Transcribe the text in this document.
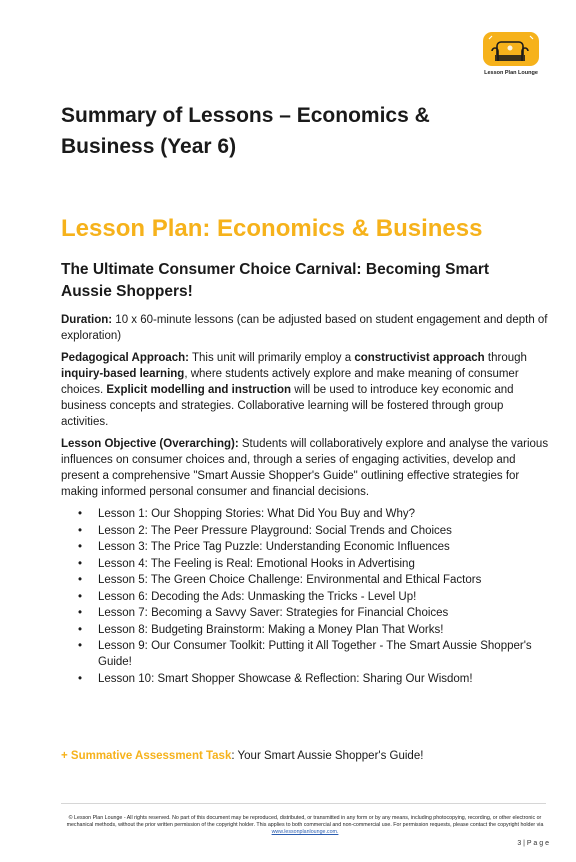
Lesson Plan Lounge
Summary of Lessons – Economics & Business (Year 6)
Lesson Plan: Economics & Business
The Ultimate Consumer Choice Carnival: Becoming Smart Aussie Shoppers!

Duration: 10 x 60-minute lessons (can be adjusted based on student engagement and depth of exploration)

Pedagogical Approach: This unit will primarily employ a constructivist approach through inquiry-based learning, where students actively explore and make meaning of consumer choices. Explicit modelling and instruction will be used to introduce key economic and business concepts and strategies. Collaborative learning will be fostered through group activities.

Lesson Objective (Overarching): Students will collaboratively explore and analyse the various influences on consumer choices and, through a series of engaging activities, develop and present a comprehensive "Smart Aussie Shopper's Guide" outlining effective strategies for making informed personal consumer and financial decisions.

• Lesson 1: Our Shopping Stories: What Did You Buy and Why?
• Lesson 2: The Peer Pressure Playground: Social Trends and Choices
• Lesson 3: The Price Tag Puzzle: Understanding Economic Influences
• Lesson 4: The Feeling is Real: Emotional Hooks in Advertising
• Lesson 5: The Green Choice Challenge: Environmental and Ethical Factors
• Lesson 6: Decoding the Ads: Unmasking the Tricks - Level Up!
• Lesson 7: Becoming a Savvy Saver: Strategies for Financial Choices
• Lesson 8: Budgeting Brainstorm: Making a Money Plan That Works!
• Lesson 9: Our Consumer Toolkit: Putting it All Together - The Smart Aussie Shopper's Guide!
• Lesson 10: Smart Shopper Showcase & Reflection: Sharing Our Wisdom!
+ Summative Assessment Task: Your Smart Aussie Shopper's Guide!
© Lesson Plan Lounge - All rights reserved. No part of this document may be reproduced, distributed, or transmitted in any form or by any means, including photocopying, recording, or other electronic or mechanical methods, without the prior written permission of the copyright holder. This applies to both commercial and non-commercial use. For permission requests, please contact the copyright holder via
www.lessonplanlounge.com.
3 | P a g e
